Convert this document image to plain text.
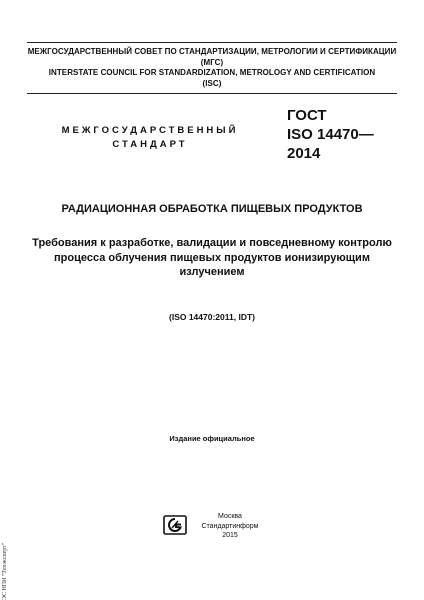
МЕЖГОСУДАРСТВЕННЫЙ СОВЕТ ПО СТАНДАРТИЗАЦИИ, МЕТРОЛОГИИ И СЕРТИФИКАЦИИ
(МГС)
INTERSTATE COUNCIL FOR STANDARDIZATION, METROLOGY AND CERTIFICATION
(ISC)
МЕЖГОСУДАРСТВЕННЫЙ
СТАНДАРТ
ГОСТ
ISO 14470—
2014
РАДИАЦИОННАЯ ОБРАБОТКА ПИЩЕВЫХ ПРОДУКТОВ
Требования к разработке, валидации и повседневному контролю
процесса облучения пищевых продуктов ионизирующим
излучением
(ISO 14470:2011, IDT)
Издание официальное
Москва
Стандартинформ
2015
ЭС НПИ "Техэксперт"
